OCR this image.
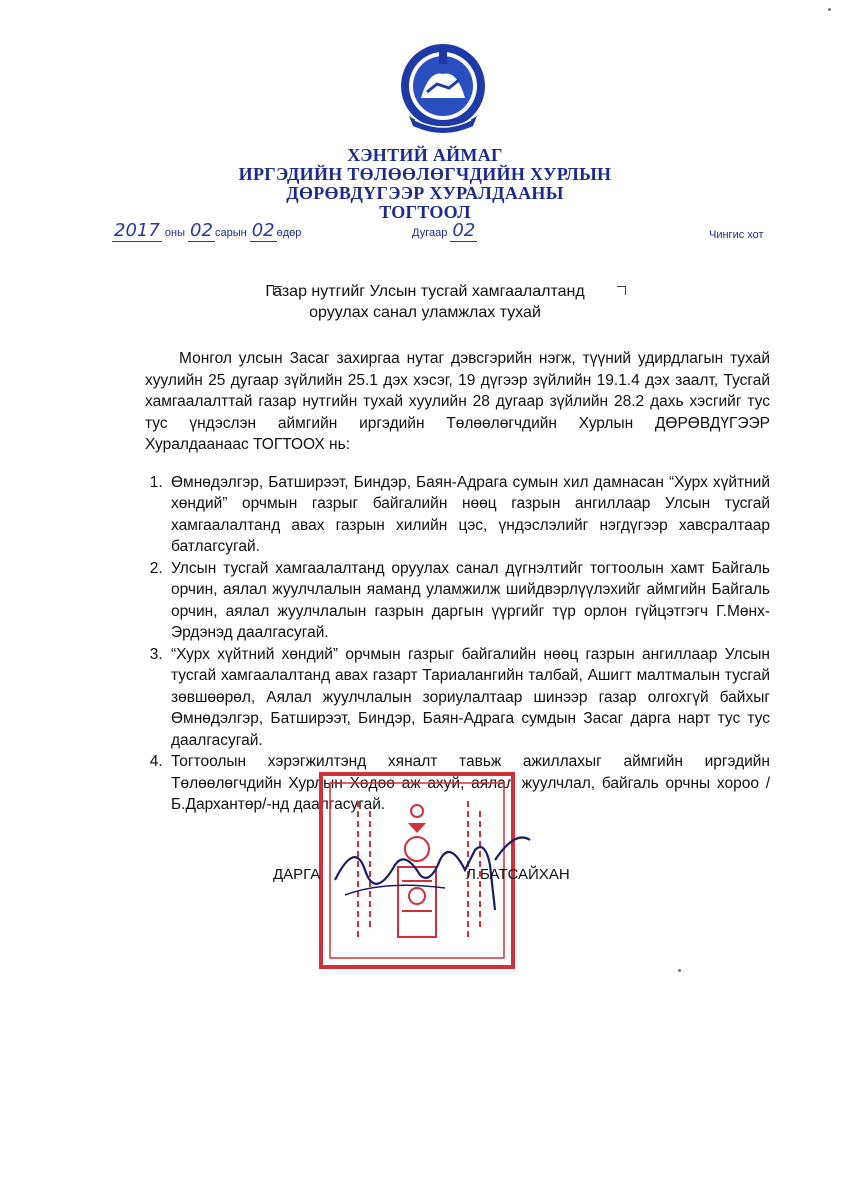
ХЭНТИЙ АЙМАГ
ИРГЭДИЙН ТӨЛӨӨЛӨГЧДИЙН ХУРЛЫН
ДӨРӨВДҮГЭЭР ХУРАЛДААНЫ
ТОГТООЛ
2017 оны 02 сарын 02 өдөр	Дугаар 02	Чингис хот
Газар нутгийг Улсын тусгай хамгаалалтанд
оруулах санал уламжлах тухай

Монгол улсын Засаг захиргаа нутаг дэвсгэрийн нэгж, түүний удирдлагын тухай хуулийн 25 дугаар зүйлийн 25.1 дэх хэсэг, 19 дүгээр зүйлийн 19.1.4 дэх заалт, Тусгай хамгаалалттай газар нутгийн тухай хуулийн 28 дугаар зүйлийн 28.2 дахь хэсгийг тус тус үндэслэн аймгийн иргэдийн Төлөөлөгчдийн Хурлын ДӨРӨВДҮГЭЭР Хуралдаанаас ТОГТООХ нь:

1. Өмнөдэлгэр, Батширээт, Биндэр, Баян-Адрага сумын хил дамнасан “Хурх хүйтний хөндий” орчмын газрыг байгалийн нөөц газрын ангиллаар Улсын тусгай хамгаалалтанд авах газрын хилийн цэс, үндэслэлийг нэгдүгээр хавсралтаар батлагсугай.
2. Улсын тусгай хамгаалалтанд оруулах санал дүгнэлтийг тогтоолын хамт Байгаль орчин, аялал жуулчлалын яаманд уламжилж шийдвэрлүүлэхийг аймгийн Байгаль орчин, аялал жуулчлалын газрын даргын үүргийг түр орлон гүйцэтгэгч Г.Мөнх-Эрдэнэд даалгасугай.
3. “Хурх хүйтний хөндий” орчмын газрыг байгалийн нөөц газрын ангиллаар Улсын тусгай хамгаалалтанд авах газарт Тариалангийн талбай, Ашигт малтмалын тусгай зөвшөөрөл, Аялал жуулчлалын зориулалтаар шинээр газар олгохгүй байхыг Өмнөдэлгэр, Батширээт, Биндэр, Баян-Адрага сумдын Засаг дарга нарт тус тус даалгасугай.
4. Тогтоолын хэрэгжилтэнд хяналт тавьж ажиллахыг аймгийн иргэдийн Төлөөлөгчдийн Хурлын Хөдөө аж ахуй, аялал жуулчлал, байгаль орчны хороо /Б.Дархантөр/-нд даалгасугай.
ДАРГА	Л.БАТСАЙХАН
